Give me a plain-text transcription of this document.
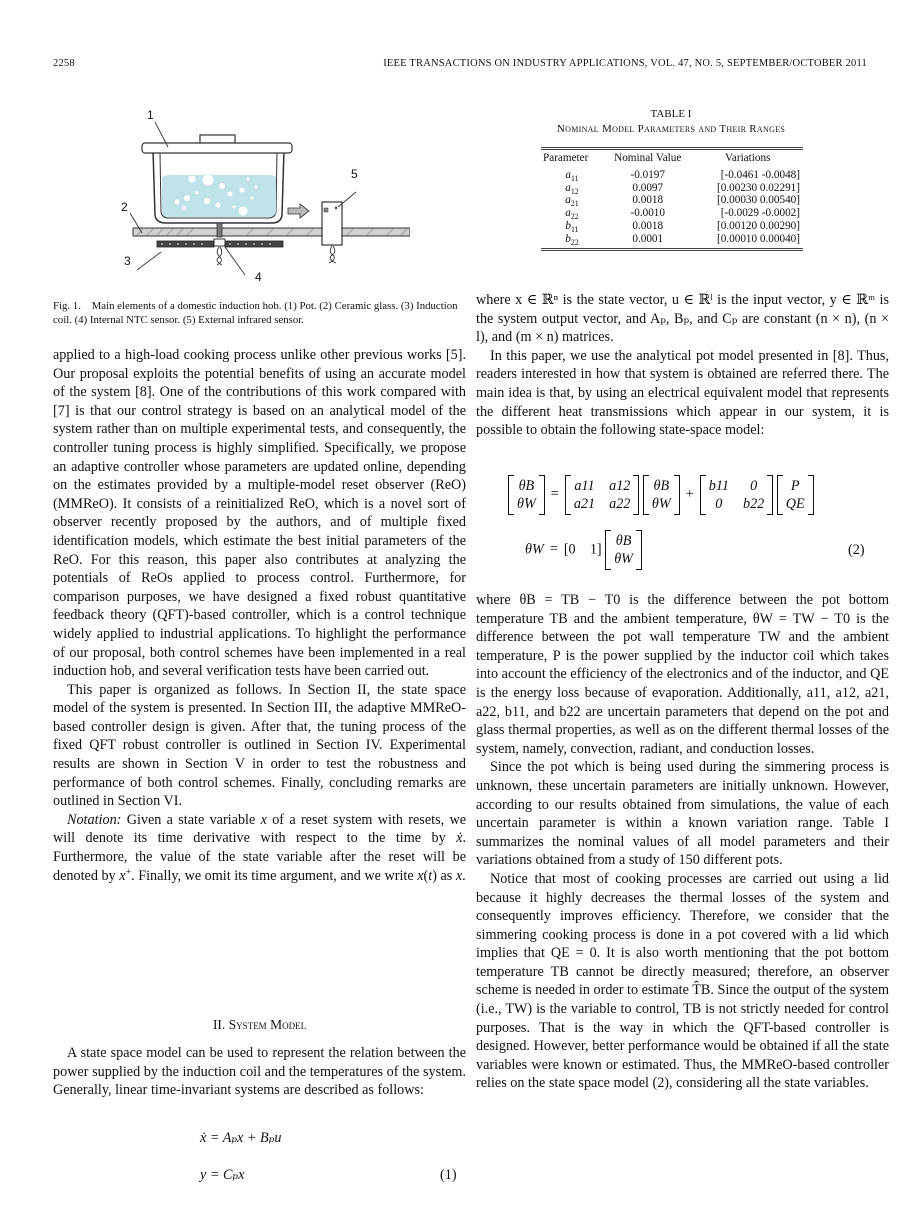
2258	IEEE TRANSACTIONS ON INDUSTRY APPLICATIONS, VOL. 47, NO. 5, SEPTEMBER/OCTOBER 2011
1
2
3
4
5
Fig. 1. Main elements of a domestic induction hob. (1) Pot. (2) Ceramic glass. (3) Induction coil. (4) Internal NTC sensor. (5) External infrared sensor.
TABLE I
Nominal Model Parameters and Their Ranges
Parameter	Nominal Value	Variations
$a_{11}$	-0.0197	[-0.0461 -0.0048]
$a_{12}$	0.0097	[0.00230 0.02291]
$a_{21}$	0.0018	[0.00030 0.00540]
$a_{22}$	-0.0010	[-0.0029 -0.0002]
$b_{11}$	0.0018	[0.00120 0.00290]
$b_{22}$	0.0001	[0.00010 0.00040]

applied to a high-load cooking process unlike other previous works [5]. Our proposal exploits the potential benefits of using an accurate model of the system [8]. One of the contributions of this work compared with [7] is that our control strategy is based on an analytical model of the system rather than on multiple experimental tests, and consequently, the controller tuning process is highly simplified. Specifically, we propose an adaptive controller whose parameters are updated online, depending on the estimates provided by a multiple-model reset observer (ReO) (MMReO). It consists of a reinitialized ReO, which is a novel sort of observer recently proposed by the authors, and of multiple fixed identification models, which estimate the best initial parameters of the ReO. For this reason, this paper also contributes at analyzing the potentials of ReOs applied to process control. Furthermore, for comparison purposes, we have designed a fixed robust quantitative feedback theory (QFT)-based controller, which is a control technique widely applied to industrial applications. To highlight the performance of our proposal, both control schemes have been implemented in a real induction hob, and several verification tests have been carried out.

This paper is organized as follows. In Section II, the state space model of the system is presented. In Section III, the adaptive MMReO-based controller design is given. After that, the tuning process of the fixed QFT robust controller is outlined in Section IV. Experimental results are shown in Section V in order to test the robustness and performance of both control schemes. Finally, concluding remarks are outlined in Section VI.

Notation: Given a state variable x of a reset system with resets, we will denote its time derivative with respect to the time by ẋ. Furthermore, the value of the state variable after the reset will be denoted by x+. Finally, we omit its time argument, and we write x(t) as x.

II. System Model

A state space model can be used to represent the relation between the power supplied by the induction coil and the temperatures of the system. Generally, linear time-invariant systems are described as follows:

ẋ = Aₚx + Bₚu
y = Cₚx	(1)

where x ∈ ℝⁿ is the state vector, u ∈ ℝˡ is the input vector, y ∈ ℝᵐ is the system output vector, and Aₚ, Bₚ, and Cₚ are constant (n × n), (n × l), and (m × n) matrices.

In this paper, we use the analytical pot model presented in [8]. Thus, readers interested in how that system is obtained are referred there. The main idea is that, by using an electrical equivalent model that represents the different heat transmissions which appear in our system, it is possible to obtain the following state-space model:

θ̇B
θ̇W
=
a11 a12
a21 a22

θB
θW
+
b11	0
0	b22

P
QE
θW = [0 1]
θB
θW
(2)

where θB = TB − T0 is the difference between the pot bottom temperature TB and the ambient temperature, θW = TW − T0 is the difference between the pot wall temperature TW and the ambient temperature, P is the power supplied by the inductor coil which takes into account the efficiency of the electronics and of the inductor, and QE is the energy loss because of evaporation. Additionally, a11, a12, a21, a22, b11, and b22 are uncertain parameters that depend on the pot and glass thermal properties, as well as on the different thermal losses of the system, namely, convection, radiant, and conduction losses.

Since the pot which is being used during the simmering process is unknown, these uncertain parameters are initially unknown. However, according to our results obtained from simulations, the value of each uncertain parameter is within a known variation range. Table I summarizes the nominal values of all model parameters and their variations obtained from a study of 150 different pots.

Notice that most of cooking processes are carried out using a lid because it highly decreases the thermal losses of the system and consequently improves efficiency. Therefore, we consider that the simmering cooking process is done in a pot covered with a lid which implies that QE = 0. It is also worth mentioning that the pot bottom temperature TB cannot be directly measured; therefore, an observer scheme is needed in order to estimate T̂B. Since the output of the system (i.e., TW) is the variable to control, TB is not strictly needed for control purposes. That is the way in which the QFT-based controller is designed. However, better performance would be obtained if all the state variables were known or estimated. Thus, the MMReO-based controller relies on the state space model (2), considering all the state variables.
